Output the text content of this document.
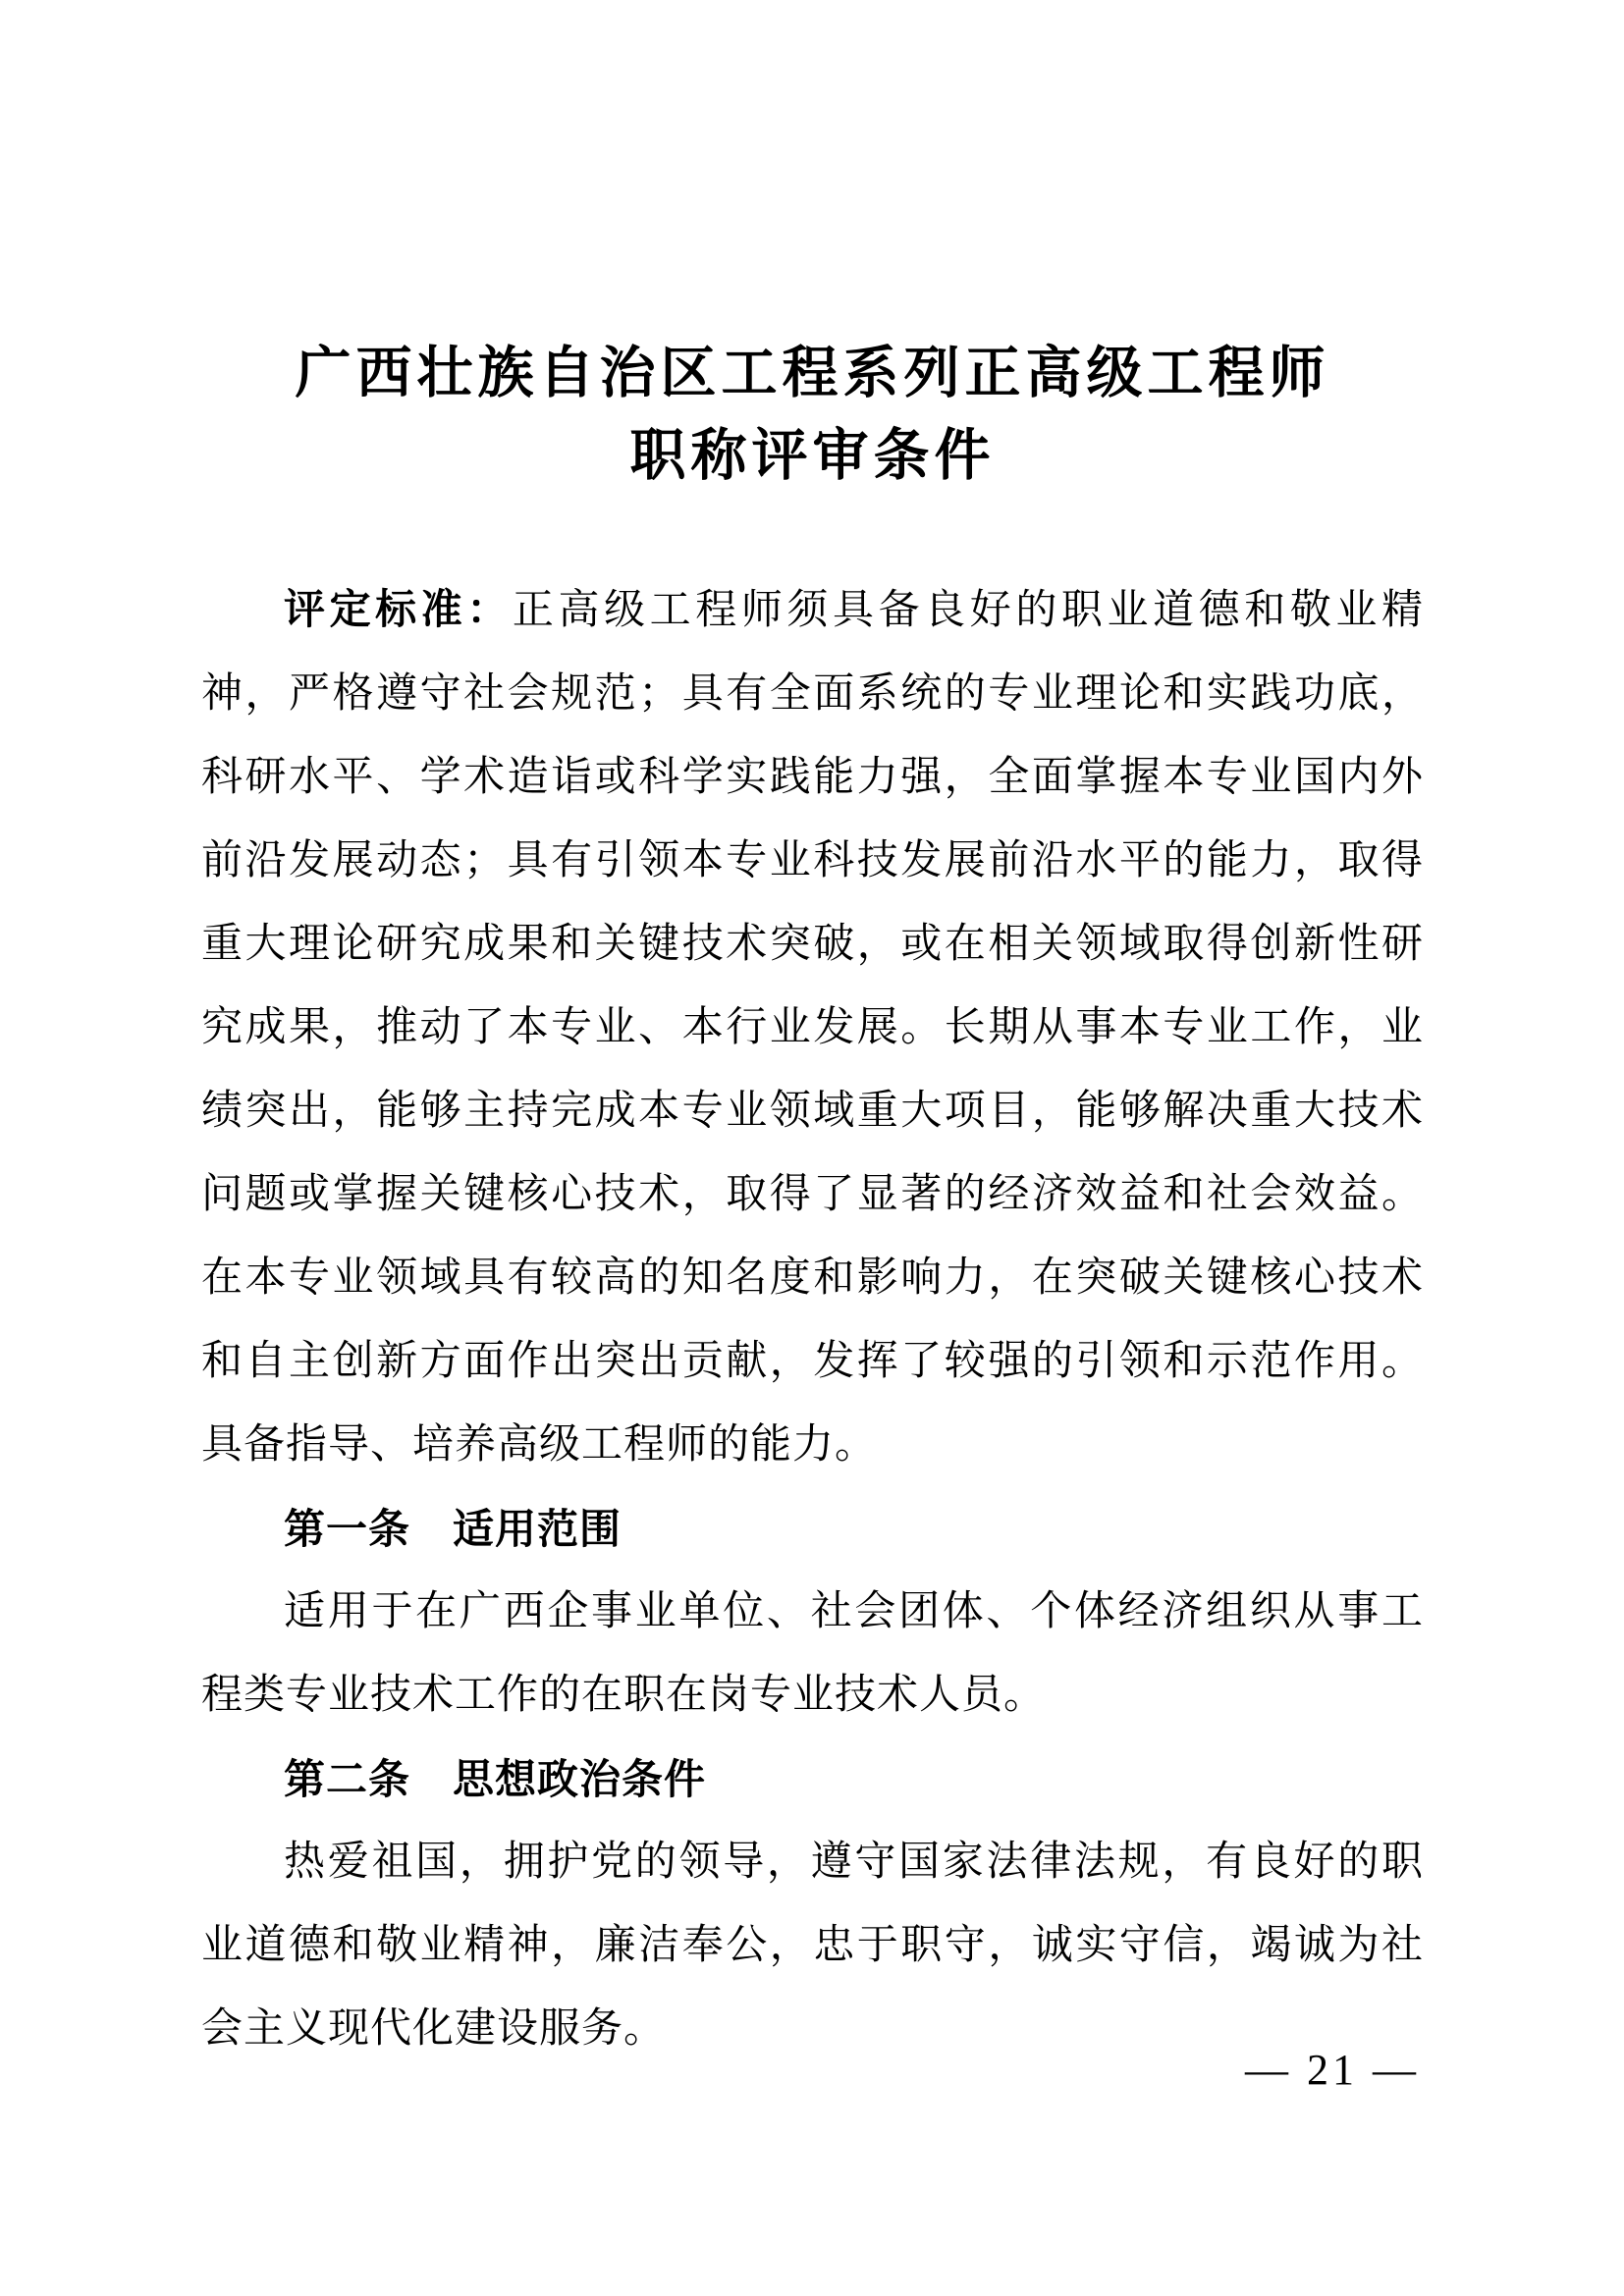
广西壮族自治区工程系列正高级工程师
职称评审条件
评定标准：正高级工程师须具备良好的职业道德和敬业精
神，严格遵守社会规范；具有全面系统的专业理论和实践功底，
科研水平、学术造诣或科学实践能力强，全面掌握本专业国内外
前沿发展动态；具有引领本专业科技发展前沿水平的能力，取得
重大理论研究成果和关键技术突破，或在相关领域取得创新性研
究成果，推动了本专业、本行业发展。长期从事本专业工作，业
绩突出，能够主持完成本专业领域重大项目，能够解决重大技术
问题或掌握关键核心技术，取得了显著的经济效益和社会效益。
在本专业领域具有较高的知名度和影响力，在突破关键核心技术
和自主创新方面作出突出贡献，发挥了较强的引领和示范作用。
具备指导、培养高级工程师的能力。
第一条　适用范围
适用于在广西企事业单位、社会团体、个体经济组织从事工
程类专业技术工作的在职在岗专业技术人员。
第二条　思想政治条件
热爱祖国，拥护党的领导，遵守国家法律法规，有良好的职
业道德和敬业精神，廉洁奉公，忠于职守，诚实守信，竭诚为社
会主义现代化建设服务。
— 21 —
